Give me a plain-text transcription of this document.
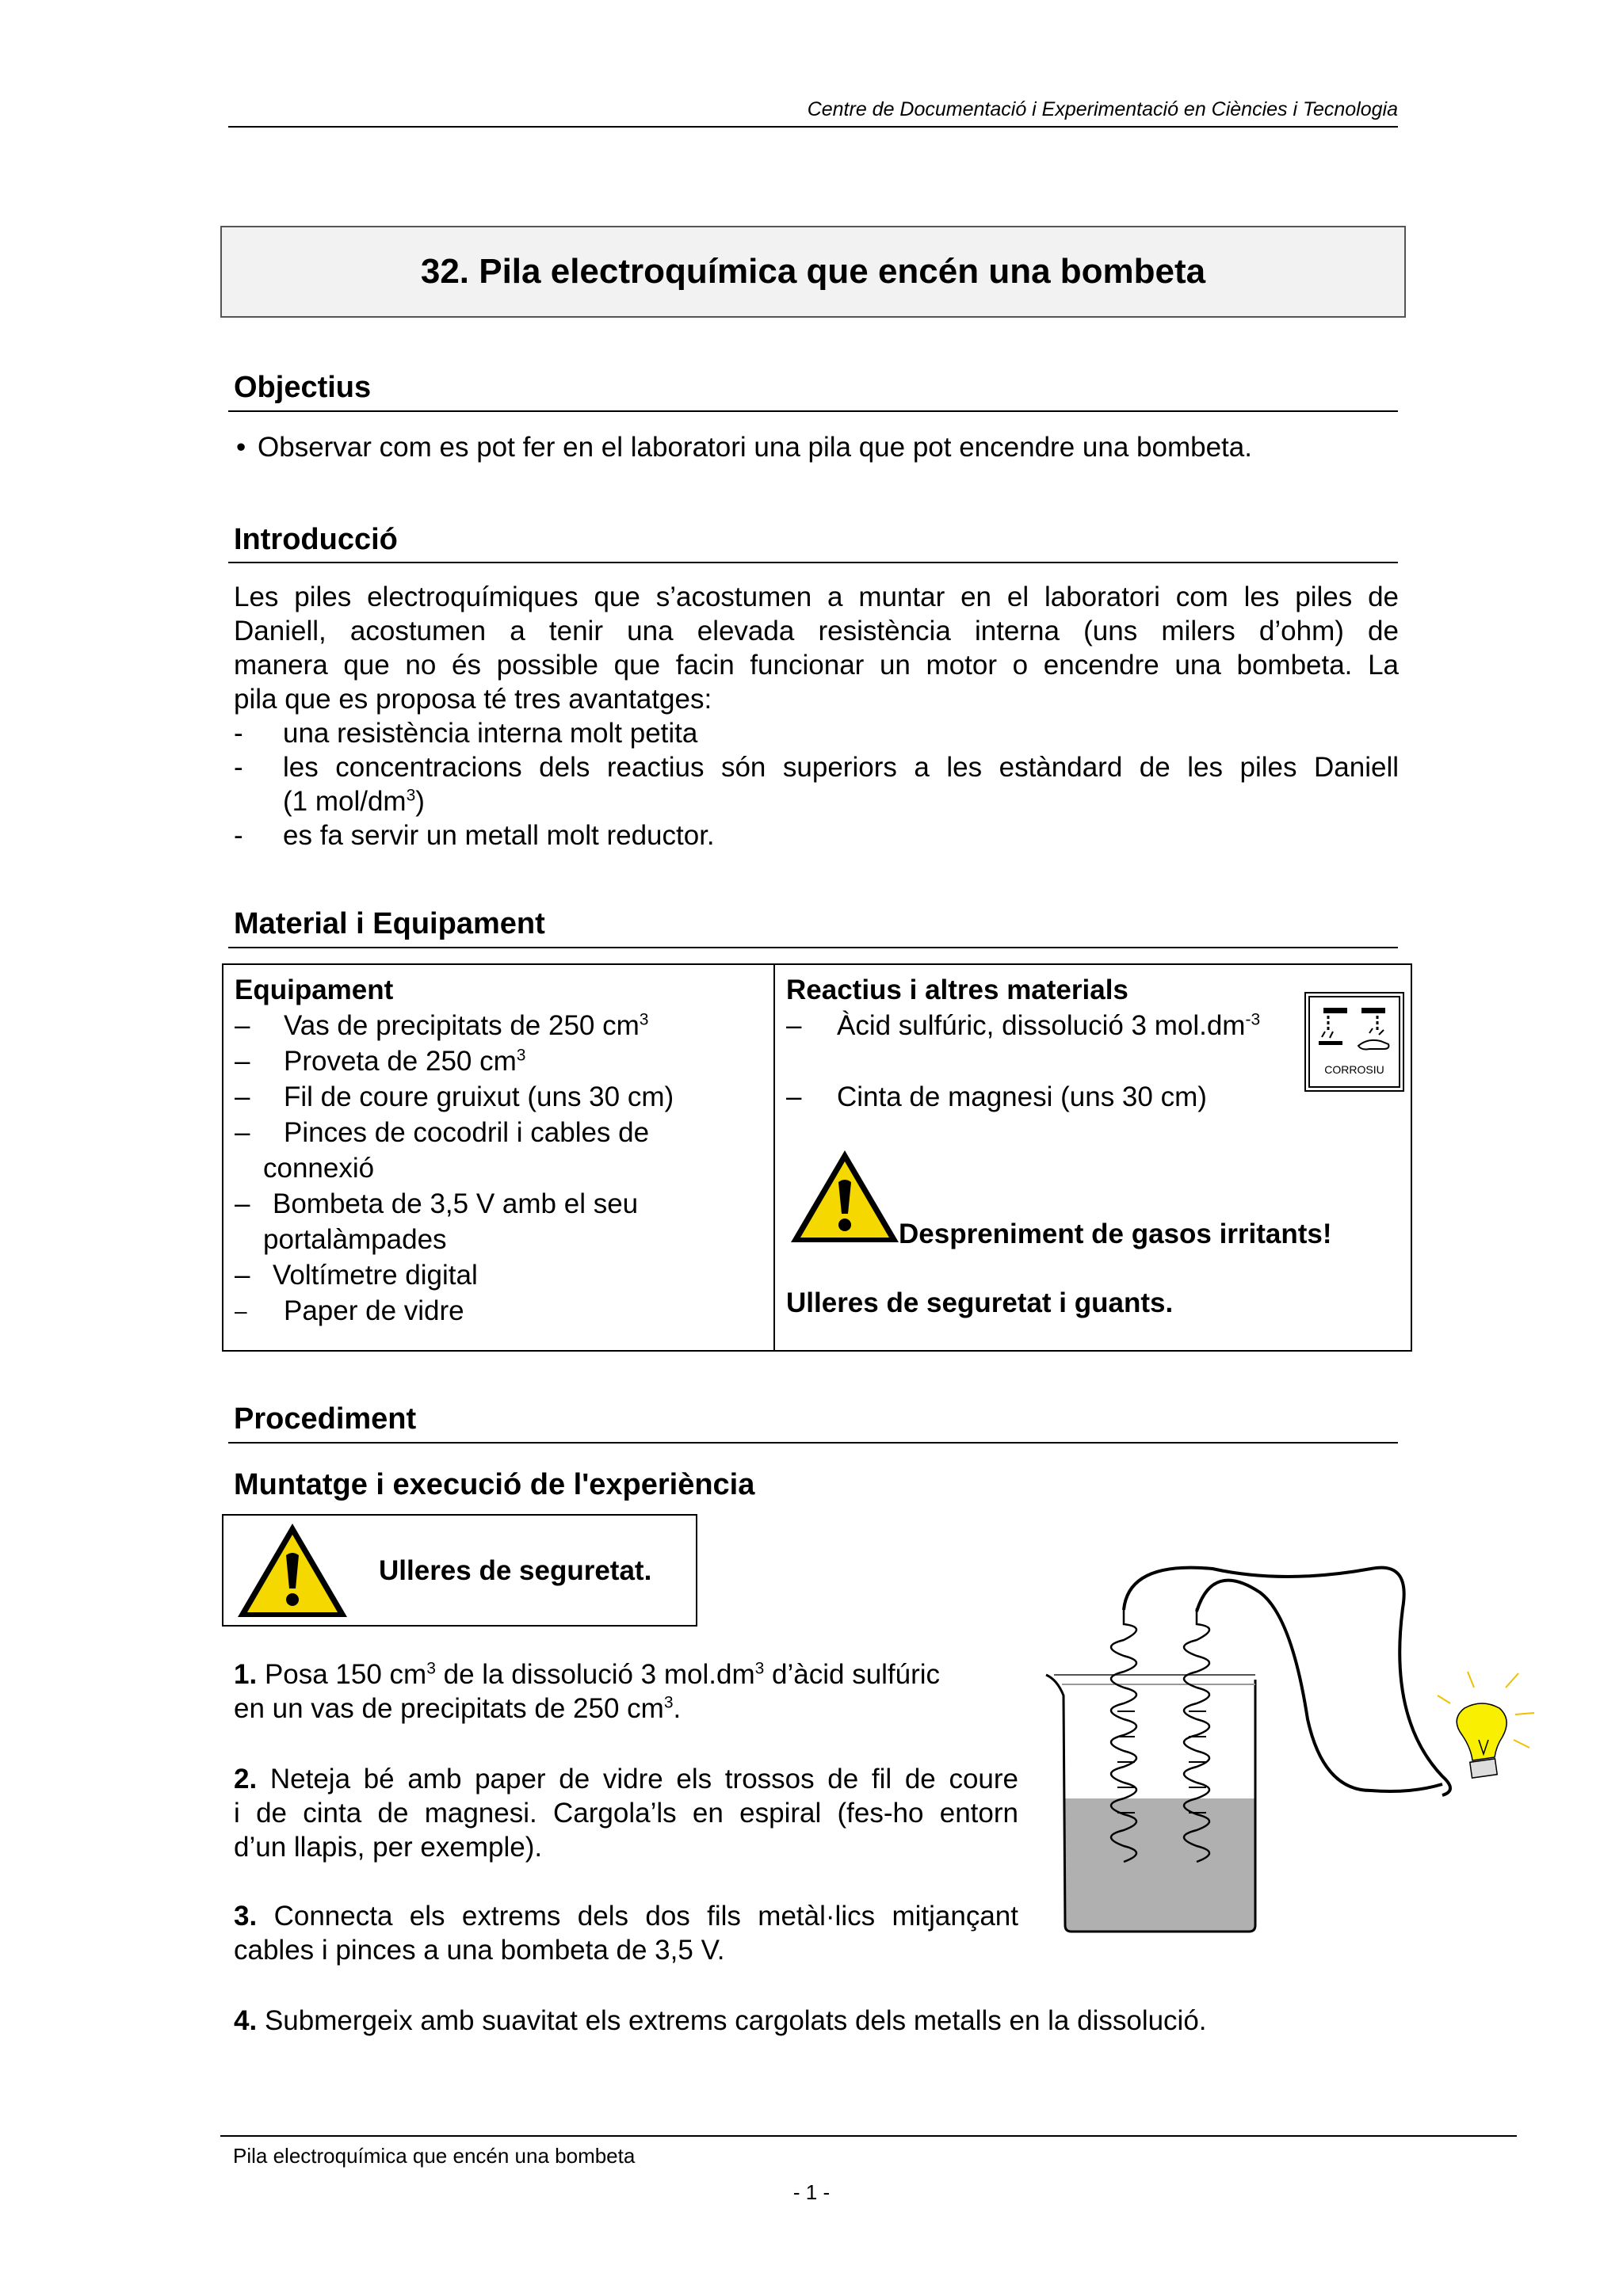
Centre de Documentació i Experimentació en Ciències i Tecnologia
32. Pila electroquímica que encén una bombeta
Objectius
• Observar com es pot fer en el laboratori una pila que pot encendre una bombeta.
Introducció
Les piles electroquímiques que s’acostumen a muntar en el laboratori com les piles de
Daniell, acostumen a tenir una elevada resistència interna (uns milers d’ohm) de
manera que no és possible que facin funcionar un motor o encendre una bombeta. La
pila que es proposa té tres avantatges:
- una resistència interna molt petita
- les concentracions dels reactius són superiors a les estàndard de les piles Daniell
(1 mol/$dm^3$)
- es fa servir un metall molt reductor.
Material i Equipament
Equipament
– Vas de precipitats de 250 $cm^3$
– Proveta de 250 $cm^3$
– Fil de coure gruixut (uns 30 cm)
– Pinces de cocodril i cables de
connexió
– Bombeta de 3,5 V amb el seu
portalàmpades
– Voltímetre digital
– Paper de vidre
Reactius i altres materials
– Àcid sulfúric, dissolució 3 $mol.dm^{-3}$
– Cinta de magnesi (uns 30 cm)
CORROSIU
Despreniment de gasos irritants!
Ulleres de seguretat i guants.
Procediment
Muntatge i execució de l'experiència
Ulleres de seguretat.
1. Posa 150 $cm^3$ de la dissolució 3 $mol.dm^3$ d’àcid sulfúric
en un vas de precipitats de 250 $cm^3$.
2. Neteja bé amb paper de vidre els trossos de fil de coure
i de cinta de magnesi. Cargola’ls en espiral (fes-ho entorn
d’un llapis, per exemple).
3. Connecta els extrems dels dos fils metàl·lics mitjançant
cables i pinces a una bombeta de 3,5 V.
4. Submergeix amb suavitat els extrems cargolats dels metalls en la dissolució.
Pila electroquímica que encén una bombeta
- 1 -
